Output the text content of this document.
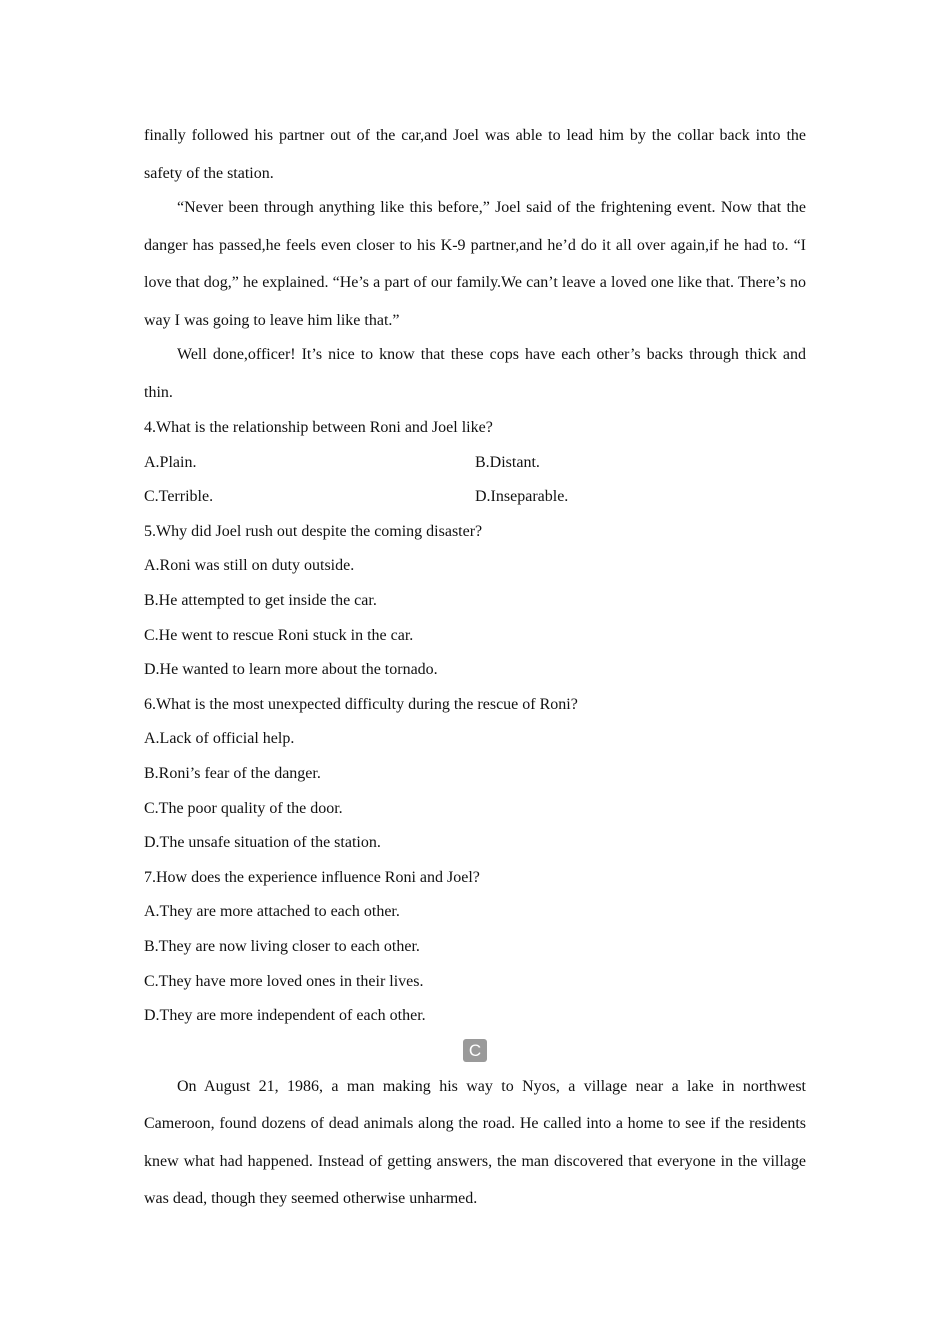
finally followed his partner out of the car,and Joel was able to lead him by the collar back into the safety of the station.

“Never been through anything like this before,” Joel said of the frightening event. Now that the danger has passed,he feels even closer to his K-9 partner,and he’d do it all over again,if he had to. “I love that dog,” he explained. “He’s a part of our family.We can’t leave a loved one like that. There’s no way I was going to leave him like that.”

Well done,officer! It’s nice to know that these cops have each other’s backs through thick and thin.

4.What is the relationship between Roni and Joel like?

A.Plain.	B.Distant.
C.Terrible.	D.Inseparable.

5.Why did Joel rush out despite the coming disaster?

A.Roni was still on duty outside.

B.He attempted to get inside the car.

C.He went to rescue Roni stuck in the car.

D.He wanted to learn more about the tornado.

6.What is the most unexpected difficulty during the rescue of Roni?

A.Lack of official help.

B.Roni’s fear of the danger.

C.The poor quality of the door.

D.The unsafe situation of the station.

7.How does the experience influence Roni and Joel?

A.They are more attached to each other.

B.They are now living closer to each other.

C.They have more loved ones in their lives.

D.They are more independent of each other.

C

On August 21, 1986, a man making his way to Nyos, a village near a lake in northwest Cameroon, found dozens of dead animals along the road. He called into a home to see if the residents knew what had happened. Instead of getting answers, the man discovered that everyone in the village was dead, though they seemed otherwise unharmed.
